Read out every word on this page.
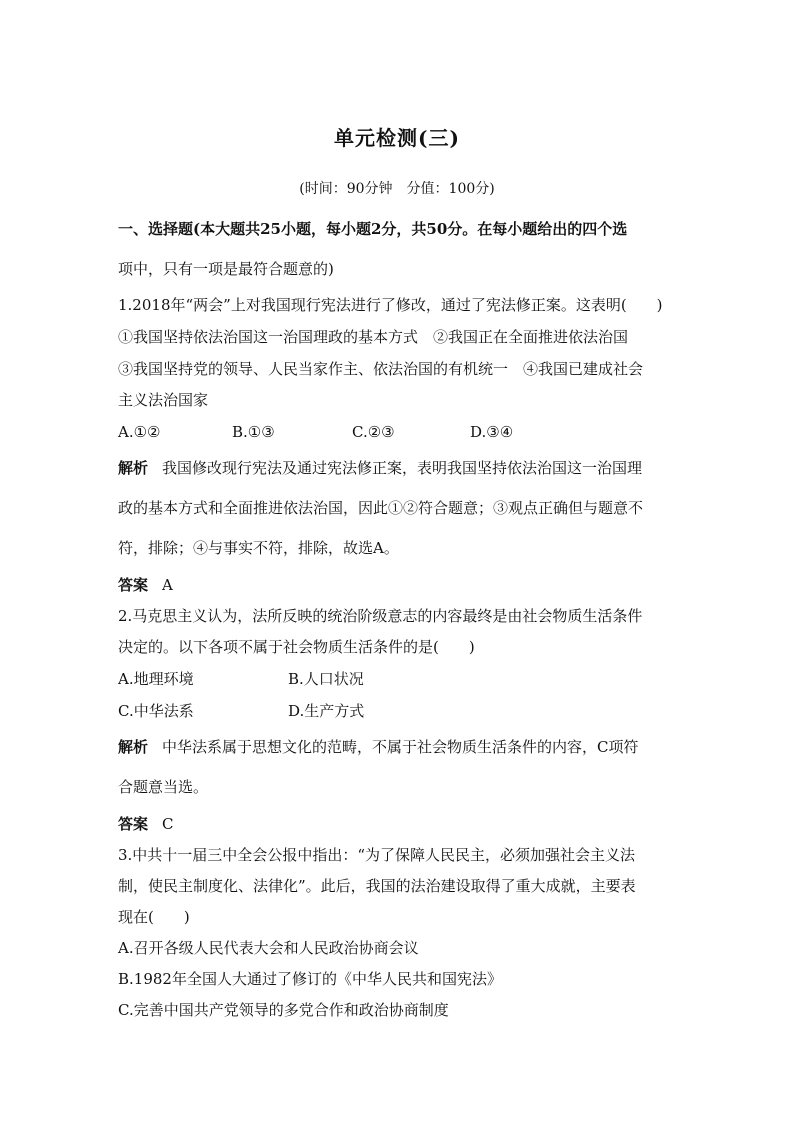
单元检测(三)
(时间：90分钟　分值：100分)
一、选择题(本大题共25小题，每小题2分，共50分。在每小题给出的四个选
项中，只有一项是最符合题意的)
1.2018年“两会”上对我国现行宪法进行了修改，通过了宪法修正案。这表明(　　)
①我国坚持依法治国这一治国理政的基本方式　②我国正在全面推进依法治国
③我国坚持党的领导、人民当家作主、依法治国的有机统一　④我国已建成社会
主义法治国家
A.①②	B.①③	C.②③	D.③④
解析 我国修改现行宪法及通过宪法修正案，表明我国坚持依法治国这一治国理
政的基本方式和全面推进依法治国，因此①②符合题意；③观点正确但与题意不
符，排除；④与事实不符，排除，故选A。
答案 A
2.马克思主义认为，法所反映的统治阶级意志的内容最终是由社会物质生活条件
决定的。以下各项不属于社会物质生活条件的是(　　)
A.地理环境	B.人口状况
C.中华法系	D.生产方式
解析 中华法系属于思想文化的范畴，不属于社会物质生活条件的内容，C项符
合题意当选。
答案 C
3.中共十一届三中全会公报中指出：“为了保障人民民主，必须加强社会主义法
制，使民主制度化、法律化”。此后，我国的法治建设取得了重大成就，主要表
现在(　　)
A.召开各级人民代表大会和人民政治协商会议
B.1982年全国人大通过了修订的《中华人民共和国宪法》
C.完善中国共产党领导的多党合作和政治协商制度
